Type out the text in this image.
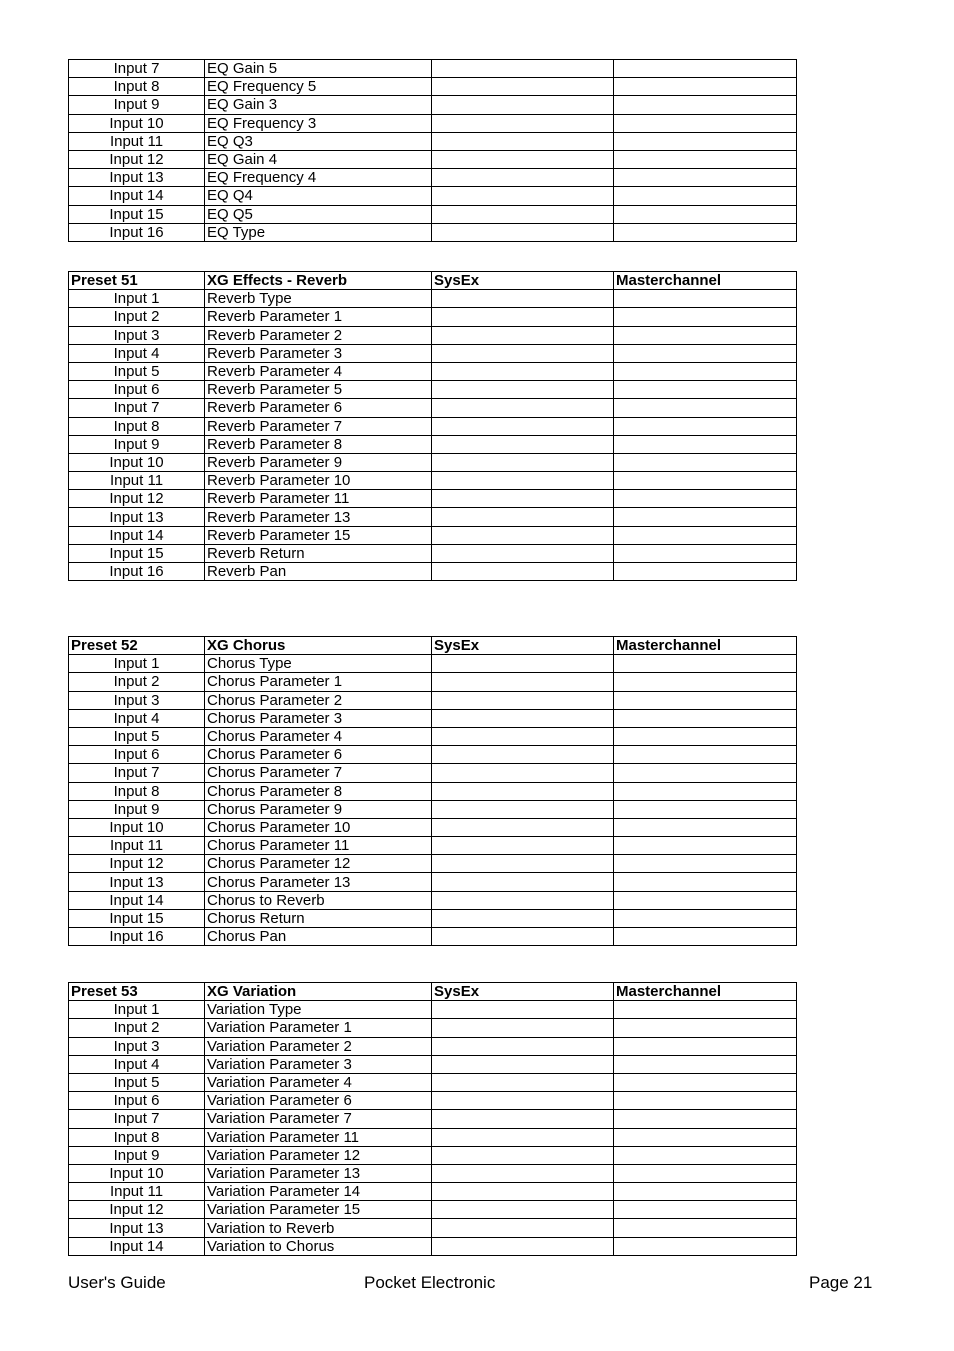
Input 7	EQ Gain 5		
Input 8	EQ Frequency 5		
Input 9	EQ Gain 3		
Input 10	EQ Frequency 3		
Input 11	EQ Q3		
Input 12	EQ Gain 4		
Input 13	EQ Frequency 4		
Input 14	EQ Q4		
Input 15	EQ Q5		
Input 16	EQ Type		
Preset 51	XG Effects - Reverb	SysEx	Masterchannel
Input 1	Reverb Type		
Input 2	Reverb Parameter 1		
Input 3	Reverb Parameter 2		
Input 4	Reverb Parameter 3		
Input 5	Reverb Parameter 4		
Input 6	Reverb Parameter 5		
Input 7	Reverb Parameter 6		
Input 8	Reverb Parameter 7		
Input 9	Reverb Parameter 8		
Input 10	Reverb Parameter 9		
Input 11	Reverb Parameter 10		
Input 12	Reverb Parameter 11		
Input 13	Reverb Parameter 13		
Input 14	Reverb Parameter 15		
Input 15	Reverb Return		
Input 16	Reverb Pan		
Preset 52	XG Chorus	SysEx	Masterchannel
Input 1	Chorus Type		
Input 2	Chorus Parameter 1		
Input 3	Chorus Parameter 2		
Input 4	Chorus Parameter 3		
Input 5	Chorus Parameter 4		
Input 6	Chorus Parameter 6		
Input 7	Chorus Parameter 7		
Input 8	Chorus Parameter 8		
Input 9	Chorus Parameter 9		
Input 10	Chorus Parameter 10		
Input 11	Chorus Parameter 11		
Input 12	Chorus Parameter 12		
Input 13	Chorus Parameter 13		
Input 14	Chorus to Reverb		
Input 15	Chorus Return		
Input 16	Chorus Pan		
Preset 53	XG Variation	SysEx	Masterchannel
Input 1	Variation Type		
Input 2	Variation Parameter 1		
Input 3	Variation Parameter 2		
Input 4	Variation Parameter 3		
Input 5	Variation Parameter 4		
Input 6	Variation Parameter 6		
Input 7	Variation Parameter 7		
Input 8	Variation Parameter 11		
Input 9	Variation Parameter 12		
Input 10	Variation Parameter 13		
Input 11	Variation Parameter 14		
Input 12	Variation Parameter 15		
Input 13	Variation to Reverb		
Input 14	Variation to Chorus		
User's Guide	Pocket Electronic	Page 21
